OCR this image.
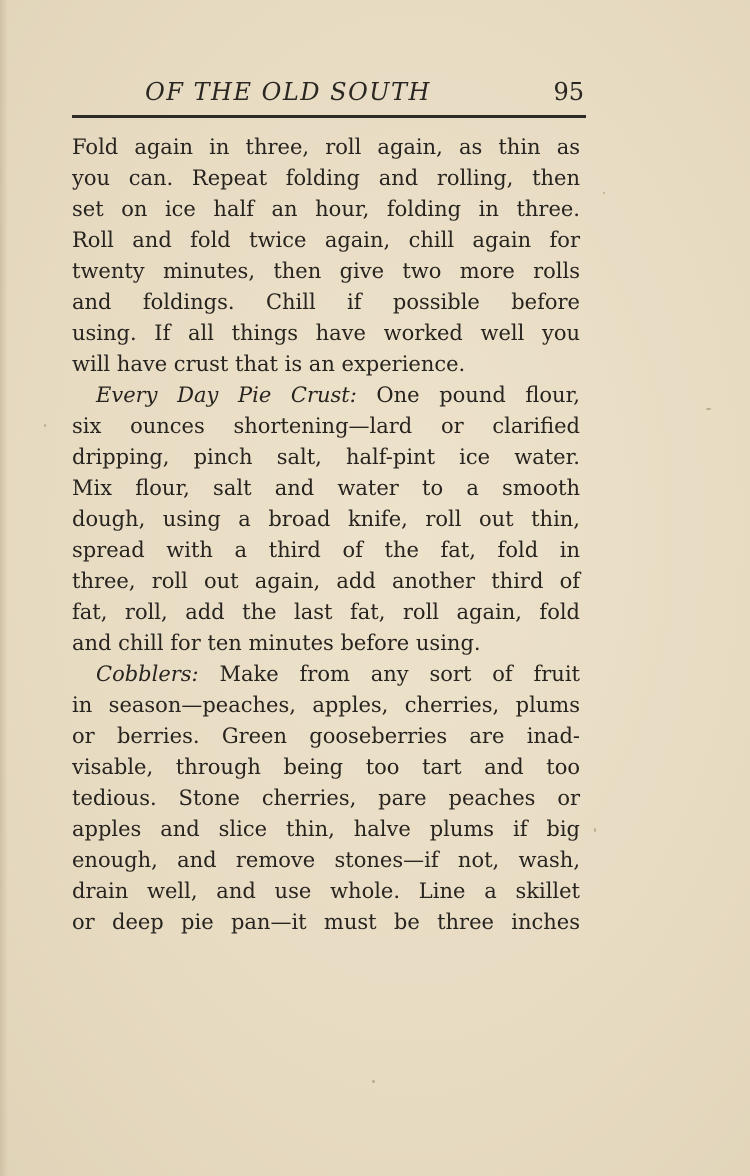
OF THE OLD SOUTH	95
Fold again in three, roll again, as thin as
you can. Repeat folding and rolling, then
set on ice half an hour, folding in three.
Roll and fold twice again, chill again for
twenty minutes, then give two more rolls
and foldings. Chill if possible before
using. If all things have worked well you
will have crust that is an experience.
Every Day Pie Crust: One pound flour,
six ounces shortening—lard or clarified
dripping, pinch salt, half-pint ice water.
Mix flour, salt and water to a smooth
dough, using a broad knife, roll out thin,
spread with a third of the fat, fold in
three, roll out again, add another third of
fat, roll, add the last fat, roll again, fold
and chill for ten minutes before using.
Cobblers: Make from any sort of fruit
in season—peaches, apples, cherries, plums
or berries. Green gooseberries are inad-
visable, through being too tart and too
tedious. Stone cherries, pare peaches or
apples and slice thin, halve plums if big
enough, and remove stones—if not, wash,
drain well, and use whole. Line a skillet
or deep pie pan—it must be three inches
